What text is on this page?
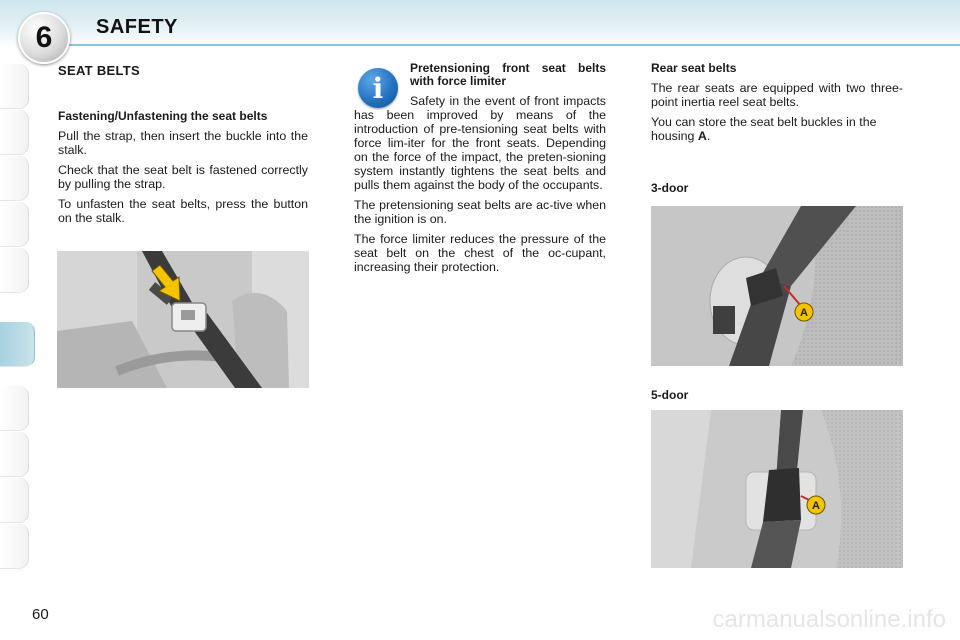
6	SAFETY
SEAT BELTS
Fastening/Unfastening the seat belts

Pull the strap, then insert the buckle into the stalk.

Check that the seat belt is fastened correctly by pulling the strap.

To unfasten the seat belts, press the button on the stalk.

i
Pretensioning front seat belts with force limiter

Safety in the event of front impacts has been improved by means of the introduction of pre-tensioning seat belts with force lim-iter for the front seats. Depending on the force of the impact, the preten-sioning system instantly tightens the seat belts and pulls them against the body of the occupants.

The pretensioning seat belts are ac-tive when the ignition is on.

The force limiter reduces the pressure of the seat belt on the chest of the oc-cupant, increasing their protection.

Rear seat belts

The rear seats are equipped with two three-point inertia reel seat belts.

You can store the seat belt buckles in the housing A.

3-door
A
5-door
A
60	carmanualsonline.info
